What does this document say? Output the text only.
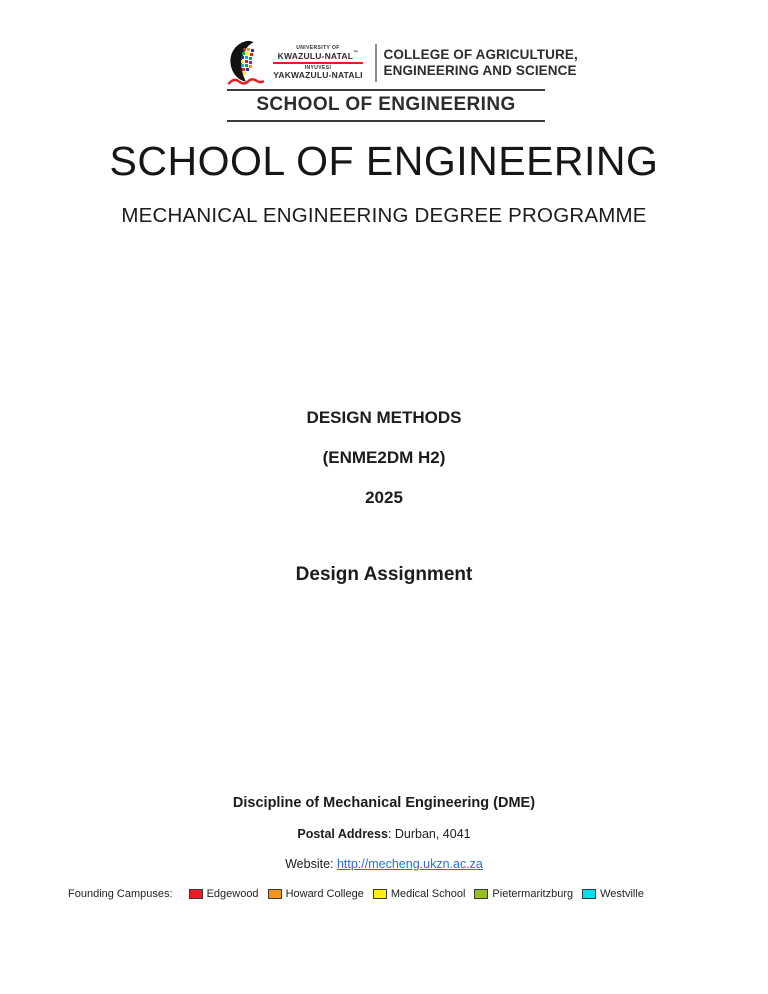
UNIVERSITY OF
KWAZULU-NATAL™
INYUVESI
YAKWAZULU-NATALI
COLLEGE OF AGRICULTURE,
ENGINEERING AND SCIENCE
SCHOOL OF ENGINEERING
SCHOOL OF ENGINEERING
MECHANICAL ENGINEERING DEGREE PROGRAMME
DESIGN METHODS
(ENME2DM H2)
2025
Design Assignment
Discipline of Mechanical Engineering (DME)
Postal Address: Durban, 4041
Website: http://mecheng.ukzn.ac.za
Founding Campuses:	Edgewood Howard College Medical School Pietermaritzburg Westville
